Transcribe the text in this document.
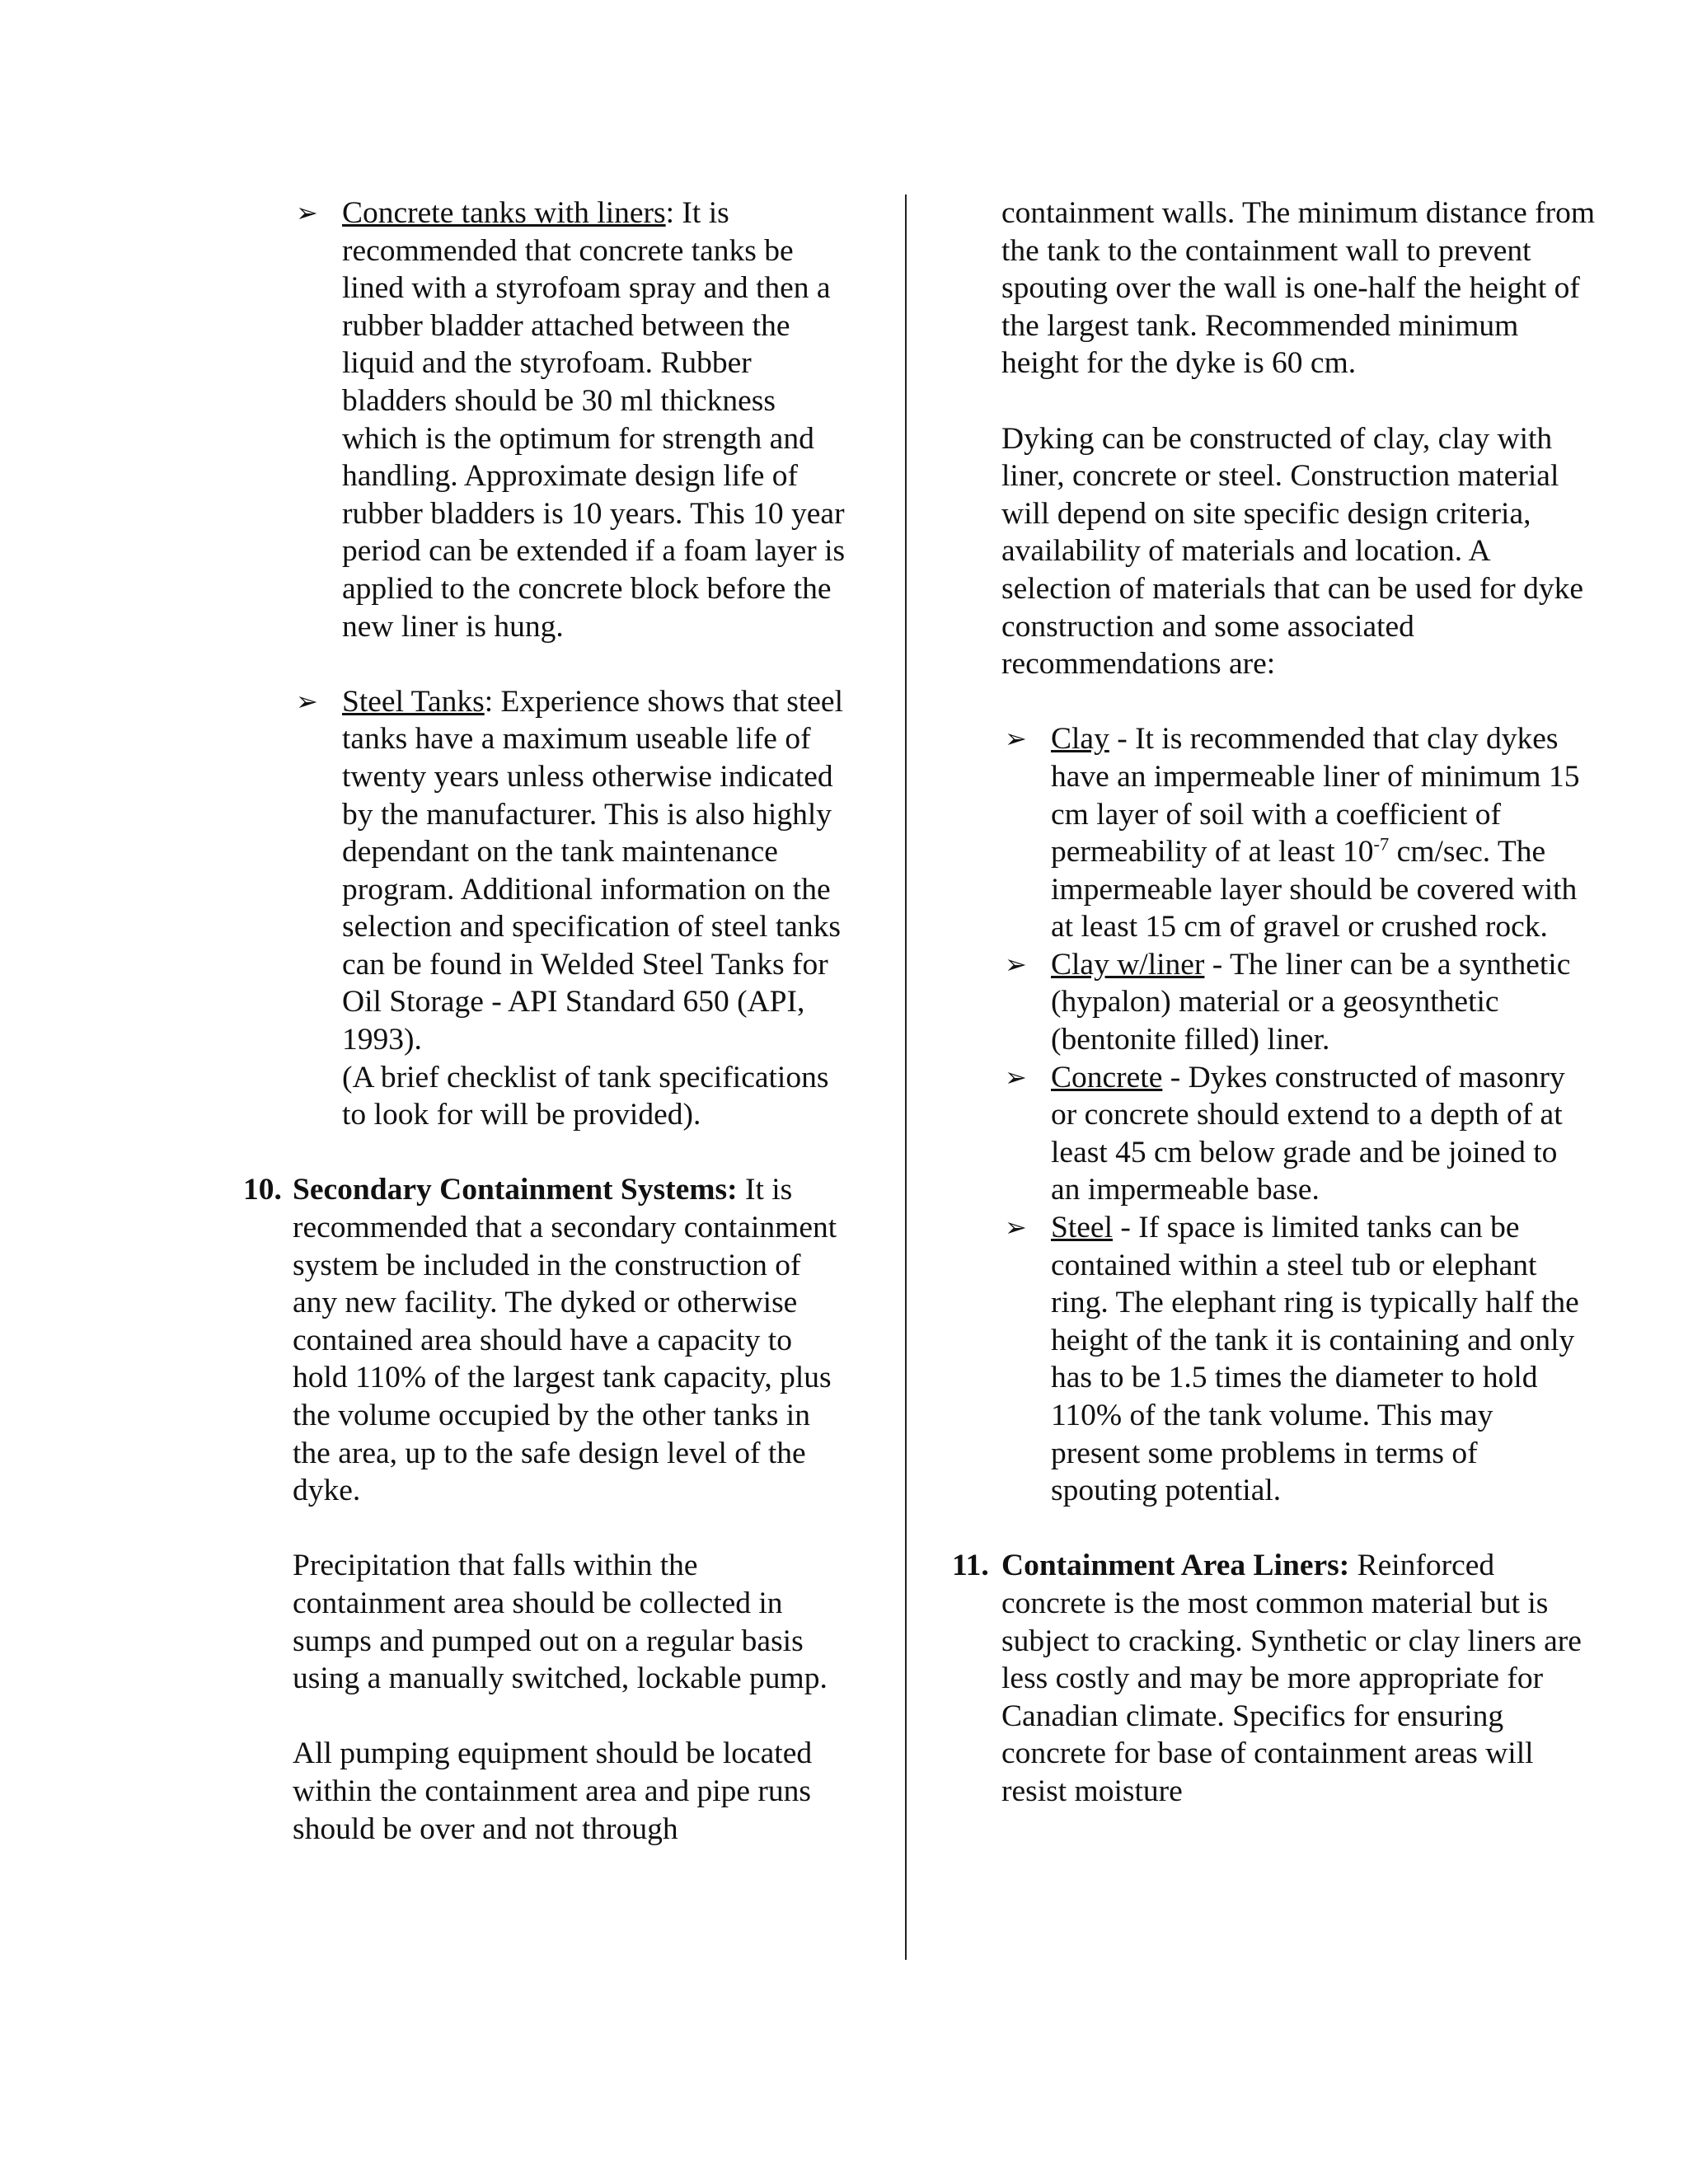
➢ Concrete tanks with liners: It is recommended that concrete tanks be lined with a styrofoam spray and then a rubber bladder attached between the liquid and the styrofoam. Rubber bladders should be 30 ml thickness which is the optimum for strength and handling. Approximate design life of rubber bladders is 10 years. This 10 year period can be extended if a foam layer is applied to the concrete block before the new liner is hung.

➢ Steel Tanks: Experience shows that steel tanks have a maximum useable life of twenty years unless otherwise indicated by the manufacturer. This is also highly dependant on the tank maintenance program. Additional information on the selection and specification of steel tanks can be found in Welded Steel Tanks for Oil Storage - API Standard 650 (API, 1993).

(A brief checklist of tank specifications to look for will be provided).

10. Secondary Containment Systems: It is recommended that a secondary containment system be included in the construction of any new facility. The dyked or otherwise contained area should have a capacity to hold 110% of the largest tank capacity, plus the volume occupied by the other tanks in the area, up to the safe design level of the dyke.

Precipitation that falls within the containment area should be collected in sumps and pumped out on a regular basis using a manually switched, lockable pump.

All pumping equipment should be located within the containment area and pipe runs should be over and not through

containment walls. The minimum distance from the tank to the containment wall to prevent spouting over the wall is one-half the height of the largest tank. Recommended minimum height for the dyke is 60 cm.

Dyking can be constructed of clay, clay with liner, concrete or steel. Construction material will depend on site specific design criteria, availability of materials and location. A selection of materials that can be used for dyke construction and some associated recommendations are:

➢ Clay - It is recommended that clay dykes have an impermeable liner of minimum 15 cm layer of soil with a coefficient of permeability of at least $10^{-7}$ cm/sec. The impermeable layer should be covered with at least 15 cm of gravel or crushed rock.

➢ Clay w/liner - The liner can be a synthetic (hypalon) material or a geosynthetic (bentonite filled) liner.

➢ Concrete - Dykes constructed of masonry or concrete should extend to a depth of at least 45 cm below grade and be joined to an impermeable base.

➢ Steel - If space is limited tanks can be contained within a steel tub or elephant ring. The elephant ring is typically half the height of the tank it is containing and only has to be 1.5 times the diameter to hold 110% of the tank volume. This may present some problems in terms of spouting potential.

11. Containment Area Liners: Reinforced concrete is the most common material but is subject to cracking. Synthetic or clay liners are less costly and may be more appropriate for Canadian climate. Specifics for ensuring concrete for base of containment areas will resist moisture
